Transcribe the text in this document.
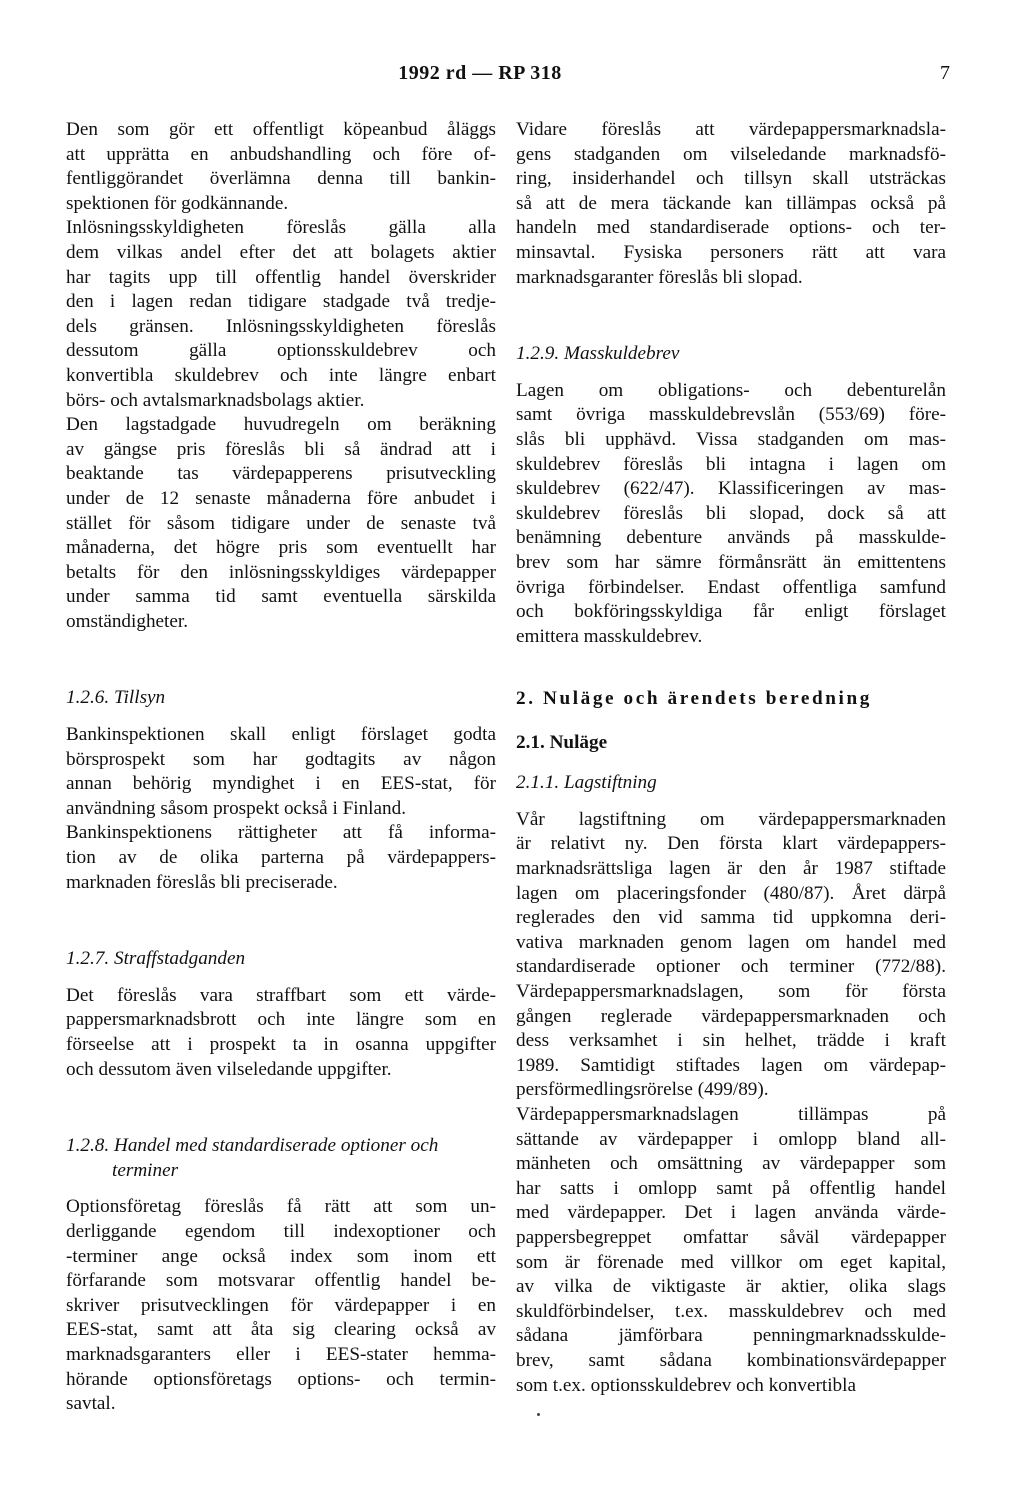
1992 rd — RP 318	7
Den som gör ett offentligt köpeanbud åläggs
att upprätta en anbudshandling och före of-
fentliggörandet överlämna denna till bankin-
spektionen för godkännande.
Inlösningsskyldigheten föreslås gälla alla
dem vilkas andel efter det att bolagets aktier
har tagits upp till offentlig handel överskrider
den i lagen redan tidigare stadgade två tredje-
dels gränsen. Inlösningsskyldigheten föreslås
dessutom gälla optionsskuldebrev och
konvertibla skuldebrev och inte längre enbart
börs- och avtalsmarknadsbolags aktier.
Den lagstadgade huvudregeln om beräkning
av gängse pris föreslås bli så ändrad att i
beaktande tas värdepapperens prisutveckling
under de 12 senaste månaderna före anbudet i
stället för såsom tidigare under de senaste två
månaderna, det högre pris som eventuellt har
betalts för den inlösningsskyldiges värdepapper
under samma tid samt eventuella särskilda
omständigheter.
1.2.6. Tillsyn
Bankinspektionen skall enligt förslaget godta
börsprospekt som har godtagits av någon
annan behörig myndighet i en EES-stat, för
användning såsom prospekt också i Finland.
Bankinspektionens rättigheter att få informa-
tion av de olika parterna på värdepappers-
marknaden föreslås bli preciserade.
1.2.7. Straffstadganden
Det föreslås vara straffbart som ett värde-
pappersmarknadsbrott och inte längre som en
förseelse att i prospekt ta in osanna uppgifter
och dessutom även vilseledande uppgifter.
1.2.8. Handel med standardiserade optioner och
terminer
Optionsföretag föreslås få rätt att som un-
derliggande egendom till indexoptioner och
-terminer ange också index som inom ett
förfarande som motsvarar offentlig handel be-
skriver prisutvecklingen för värdepapper i en
EES-stat, samt att åta sig clearing också av
marknadsgaranters eller i EES-stater hemma-
hörande optionsföretags options- och termin-
savtal.
Vidare föreslås att värdepappersmarknadsla-
gens stadganden om vilseledande marknadsfö-
ring, insiderhandel och tillsyn skall utsträckas
så att de mera täckande kan tillämpas också på
handeln med standardiserade options- och ter-
minsavtal. Fysiska personers rätt att vara
marknadsgaranter föreslås bli slopad.
1.2.9. Masskuldebrev
Lagen om obligations- och debenturelån
samt övriga masskuldebrevslån (553/69) före-
slås bli upphävd. Vissa stadganden om mas-
skuldebrev föreslås bli intagna i lagen om
skuldebrev (622/47). Klassificeringen av mas-
skuldebrev föreslås bli slopad, dock så att
benämning debenture används på masskulde-
brev som har sämre förmånsrätt än emittentens
övriga förbindelser. Endast offentliga samfund
och bokföringsskyldiga får enligt förslaget
emittera masskuldebrev.
2. Nuläge och ärendets beredning
2.1. Nuläge
2.1.1. Lagstiftning
Vår lagstiftning om värdepappersmarknaden
är relativt ny. Den första klart värdepappers-
marknadsrättsliga lagen är den år 1987 stiftade
lagen om placeringsfonder (480/87). Året därpå
reglerades den vid samma tid uppkomna deri-
vativa marknaden genom lagen om handel med
standardiserade optioner och terminer (772/88).
Värdepappersmarknadslagen, som för första
gången reglerade värdepappersmarknaden och
dess verksamhet i sin helhet, trädde i kraft
1989. Samtidigt stiftades lagen om värdepap-
persförmedlingsrörelse (499/89).
Värdepappersmarknadslagen tillämpas på
sättande av värdepapper i omlopp bland all-
mänheten och omsättning av värdepapper som
har satts i omlopp samt på offentlig handel
med värdepapper. Det i lagen använda värde-
pappersbegreppet omfattar såväl värdepapper
som är förenade med villkor om eget kapital,
av vilka de viktigaste är aktier, olika slags
skuldförbindelser, t.ex. masskuldebrev och med
sådana jämförbara penningmarknadsskulde-
brev, samt sådana kombinationsvärdepapper
som t.ex. optionsskuldebrev och konvertibla
